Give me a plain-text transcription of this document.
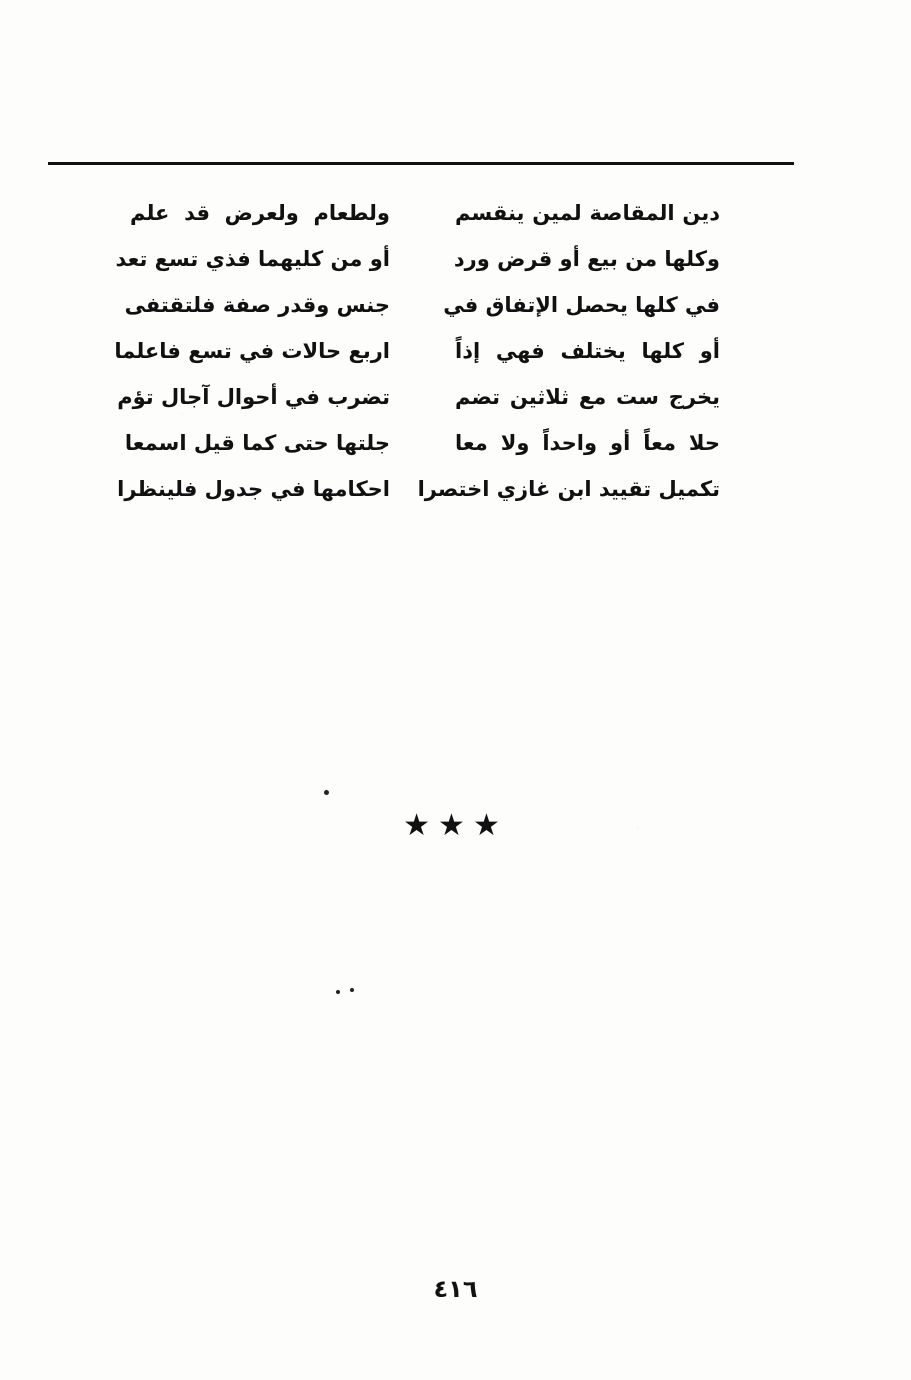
دين المقاصة لمين ينقسم
وكلها من بيع أو قرض ورد
في كلها يحصل الإتفاق في
أو كلها يختلف فهي إذاً
يخرج ست مع ثلاثين تضم
حلا معاً أو واحداً ولا معا
تكميل تقييد ابن غازي اختصرا
ولطعام ولعرض قد علم
أو من كليهما فذي تسع تعد
جنس وقدر صفة فلتقتفى
اربع حالات في تسع فاعلما
تضرب في أحوال آجال تؤم
جلتها حتى كما قيل اسمعا
احكامها في جدول فلينظرا
★★★
٤١٦
